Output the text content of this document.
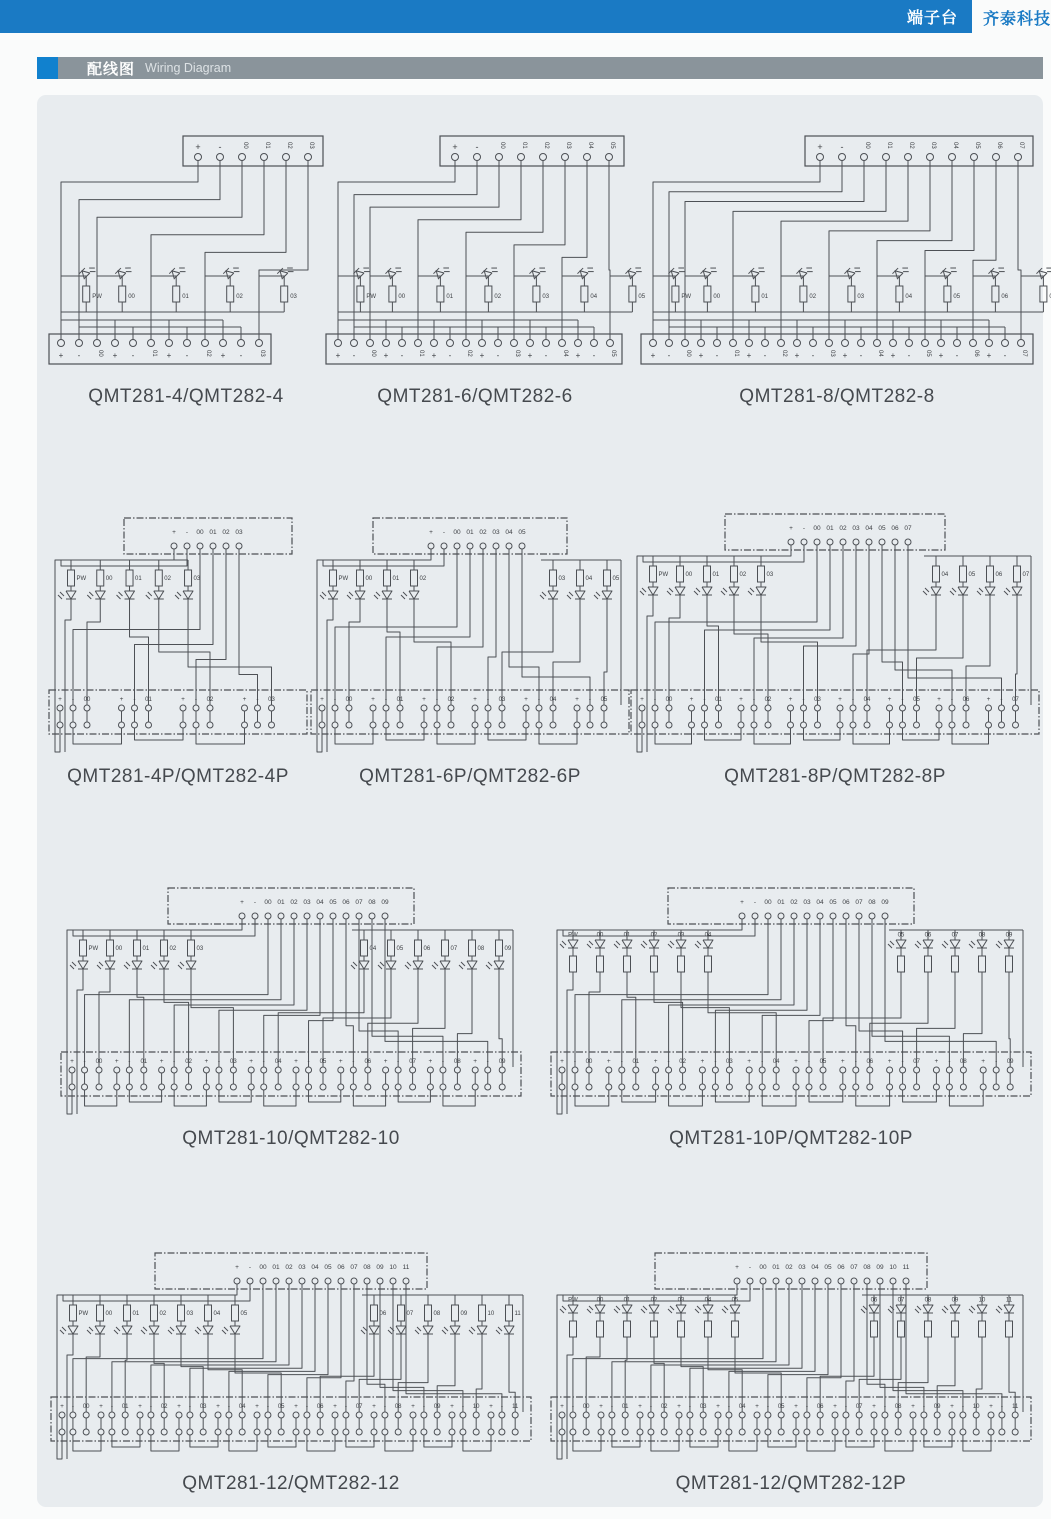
端子台 齐泰科技
配线图 Wiring Diagram
+ -	00	01	02	03
PW	00	01	02	03
+ -	00 + -	01 + -	02 + -	03
QMT281-4/QMT282-4
+ -	00	01	02	03	04	05
PW	00	01	02	03	04	05
+ - 00 + - 01 + - 02 + - 03 + - 04 + - 05
QMT281-6/QMT282-6
+ -	00	01	02	03	04	05	06	07
PW	00	01	02	03	04	05	06
+ - 00 + - 01 + - 02 + - 03 + - 04 + - 05 + - 06 + - 07
QMT281-8/QMT282-8
+ - 00 01 02 03
PW	00	01	02	03
+ - 00	+ - 01	+ - 02	+ - 03
QMT281-4P/QMT282-4P
+ - 00 01 02 03 04 05
PW	00	01	02	03	04	05
+ - 00	+ - 01	+ - 02	+ - 03	+ - 04	+ - 05
QMT281-6P/QMT282-6P
+ - 00 01 02 03 04 05 06 07
PW	00	01	02	03	04	05	06	07
+ - 00	+ - 01	+ - 02	+ - 03	+ - 04	+ - 05	+ - 06	+ - 07
QMT281-8P/QMT282-8P
+ - 00 01 02 03 04 05 06 07 08 09
PW	00	01	02	03	04	05	06	07	08	09
+ - 00 + - 01 + - 02 + - 03 + - 04 + - 05 + - 06 + - 07 + - 08 + - 09
QMT281-10/QMT282-10
+ - 00 01 02 03 04 05 06 07 08 09
PW	00	01	02	03	04	05	06	07	08	09
+ - 00 + - 01 + - 02 + - 03 + - 04 + - 05 + - 06 + - 07 + - 08 + - 09
QMT281-10P/QMT282-10P
+ - 00 01 02 03 04 05 06 07 08 09 10 11
PW	00	01	02	03	04	05	06	07	08	09	10	11
+ - 00 + - 01 + - 02 + - 03 + - 04 + - 05 + - 06 + - 07 + - 08 + - 09 + - 10 + - 11
QMT281-12/QMT282-12
+ - 00 01 02 03 04 05 06 07 08 09 10 11
PW	00	01	02	03	04	05	06	07	08	09	10	11
+ - 00 + - 01 + - 02 + - 03 + - 04 + - 05 + - 06 + - 07 + - 08 + - 09 + - 10 + - 11
QMT281-12/QMT282-12P
